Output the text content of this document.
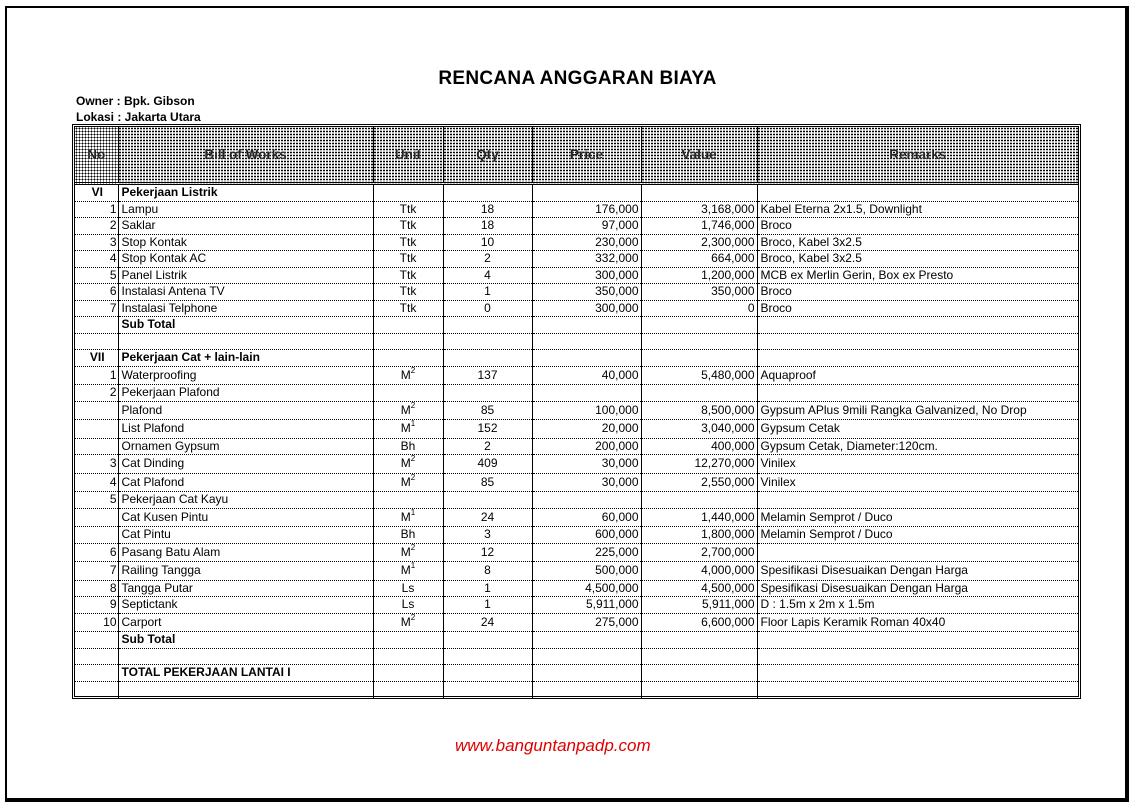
RENCANA ANGGARAN BIAYA
Owner : Bpk. Gibson
Lokasi : Jakarta Utara
No	Bill of Works	Unit	Qty	Price	Value	Remarks
VI	Pekerjaan Listrik					
1	Lampu	Ttk	18	176,000	3,168,000	Kabel Eterna 2x1.5, Downlight
2	Saklar	Ttk	18	97,000	1,746,000	Broco
3	Stop Kontak	Ttk	10	230,000	2,300,000	Broco, Kabel 3x2.5
4	Stop Kontak AC	Ttk	2	332,000	664,000	Broco, Kabel 3x2.5
5	Panel Listrik	Ttk	4	300,000	1,200,000	MCB ex Merlin Gerin, Box ex Presto
6	Instalasi Antena TV	Ttk	1	350,000	350,000	Broco
7	Instalasi Telphone	Ttk	0	300,000	0	Broco
	Sub Total					

VII	Pekerjaan Cat + lain-lain					
1	Waterproofing	$M^2$	137	40,000	5,480,000	Aquaproof
2	Pekerjaan Plafond					
	Plafond	$M^2$	85	100,000	8,500,000	Gypsum APlus 9mili Rangka Galvanized, No Drop
	List Plafond	$M^1$	152	20,000	3,040,000	Gypsum Cetak
	Ornamen Gypsum	Bh	2	200,000	400,000	Gypsum Cetak, Diameter:120cm.
3	Cat Dinding	$M^2$	409	30,000	12,270,000	Vinilex
4	Cat Plafond	$M^2$	85	30,000	2,550,000	Vinilex
5	Pekerjaan Cat Kayu					
	Cat Kusen Pintu	$M^1$	24	60,000	1,440,000	Melamin Semprot / Duco
	Cat Pintu	Bh	3	600,000	1,800,000	Melamin Semprot / Duco
6	Pasang Batu Alam	$M^2$	12	225,000	2,700,000	
7	Railing Tangga	$M^1$	8	500,000	4,000,000	Spesifikasi Disesuaikan Dengan Harga
8	Tangga Putar	Ls	1	4,500,000	4,500,000	Spesifikasi Disesuaikan Dengan Harga
9	Septictank	Ls	1	5,911,000	5,911,000	D : 1.5m x 2m x 1.5m
10	Carport	$M^2$	24	275,000	6,600,000	Floor Lapis Keramik Roman 40x40
	Sub Total					

	TOTAL PEKERJAAN LANTAI I					

www.banguntanpadp.com
